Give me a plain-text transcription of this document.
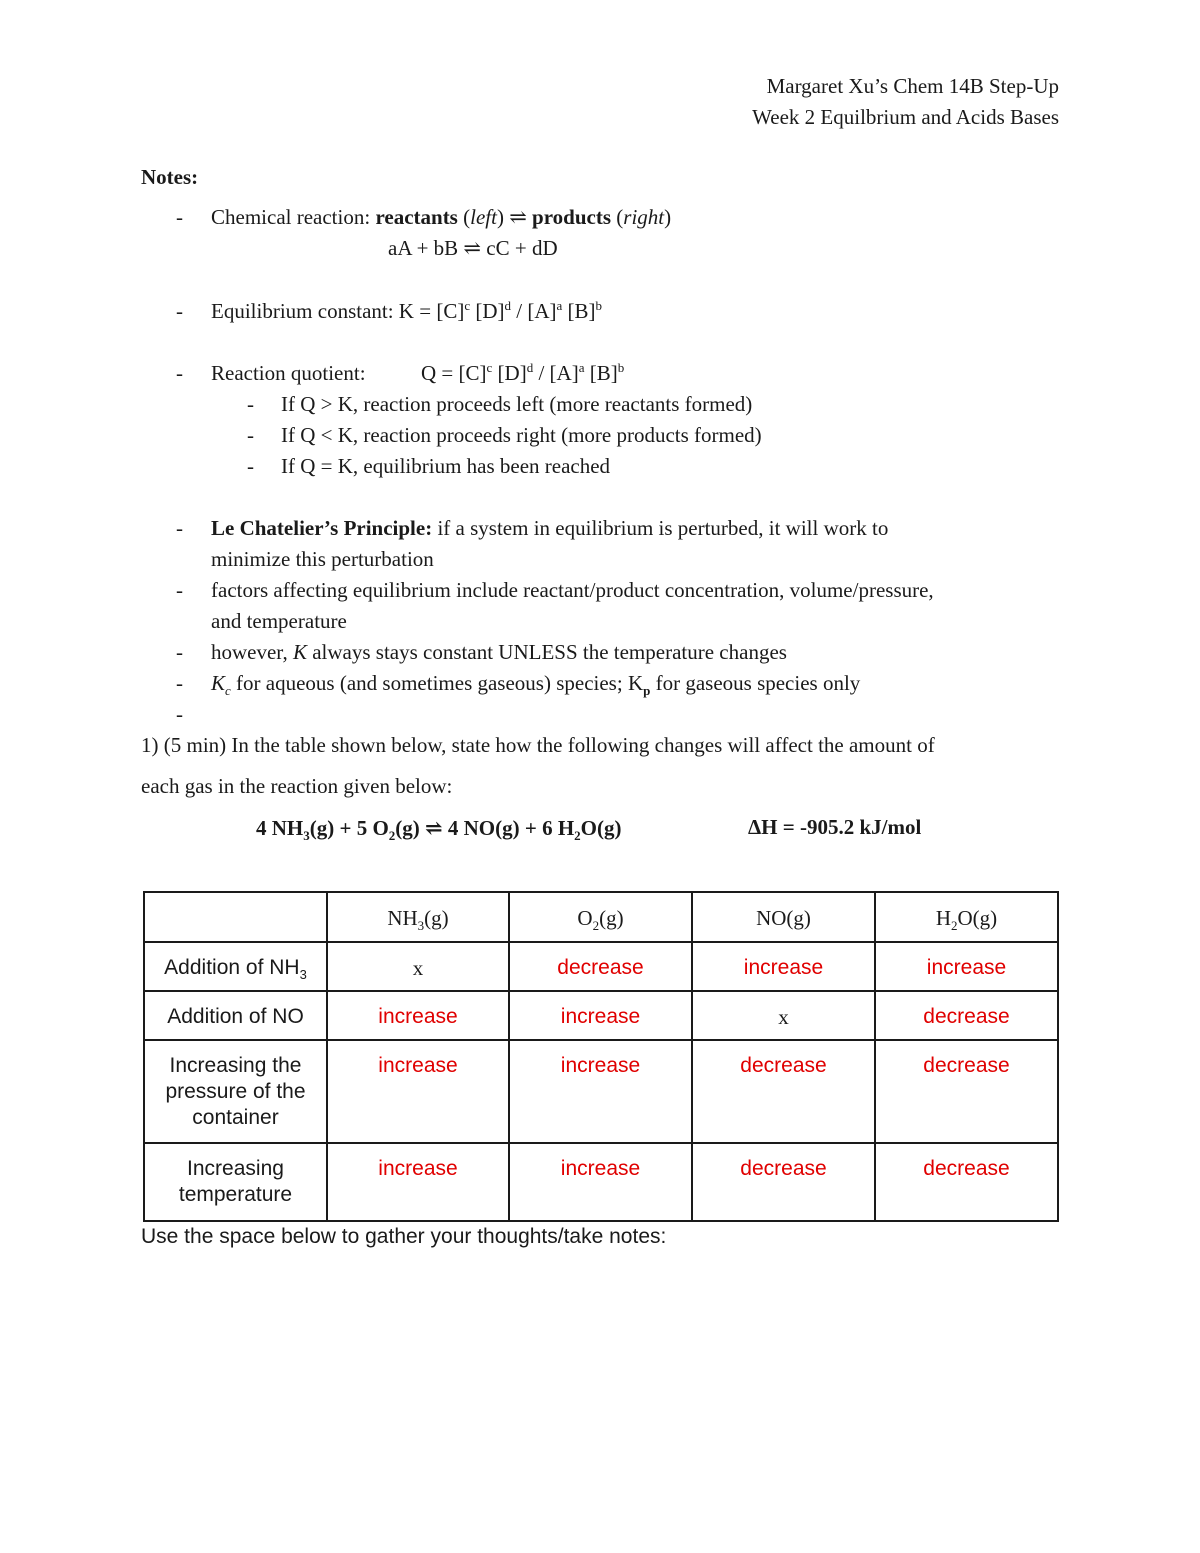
Margaret Xu’s Chem 14B Step-Up
Week 2 Equilbrium and Acids Bases
Notes:
- Chemical reaction: reactants (left) ⇌ products (right)
aA + bB ⇌ cC + dD
- Equilibrium constant: $K = [C]^c$ $[D]^d / [A]^a$ $[B]^b$
- Reaction quotient:	$Q = [C]^c$ $[D]^d / [A]^a$ $[B]^b$
- If Q > K, reaction proceeds left (more reactants formed)
- If Q < K, reaction proceeds right (more products formed)
- If Q = K, equilibrium has been reached
- Le Chatelier’s Principle: if a system in equilibrium is perturbed, it will work to
minimize this perturbation
- factors affecting equilibrium include reactant/product concentration, volume/pressure,
and temperature
- however, K always stays constant UNLESS the temperature changes
- $K_c$ for aqueous (and sometimes gaseous) species; $K_p$ for gaseous species only
-
1) (5 min) In the table shown below, state how the following changes will affect the amount of
each gas in the reaction given below:
4 $NH_3(g) + 5$ $O_2(g)$ ⇌ 4 NO(g) + 6 $H_2O(g)$	ΔH = -905.2 kJ/mol
	$NH_3(g)$	$O_2(g)$	NO(g)	$H_2O(g)$
Addition of $NH_3$	x	decrease	increase	increase
Addition of NO	increase	increase	x	decrease
Increasing the pressure of the container	increase	increase	decrease	decrease
Increasing temperature	increase	increase	decrease	decrease
Use the space below to gather your thoughts/take notes:
